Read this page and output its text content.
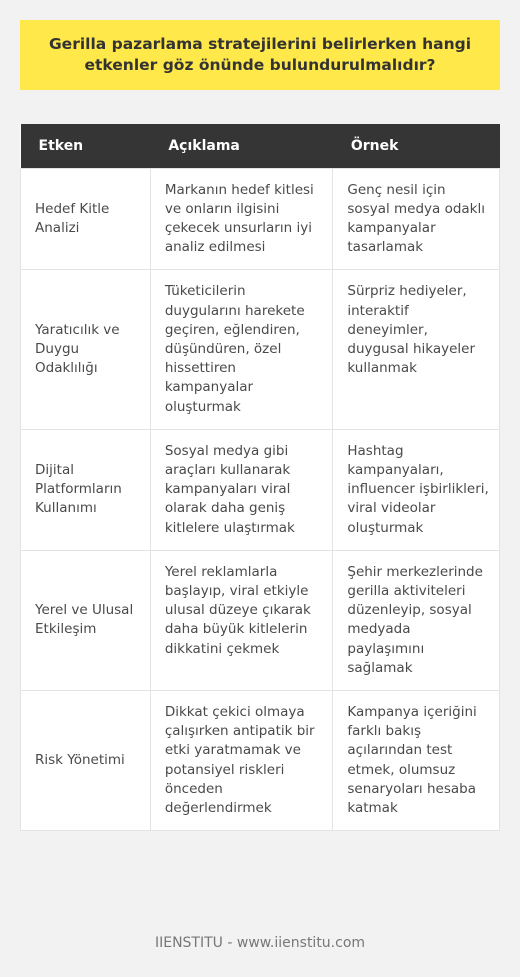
Gerilla pazarlama stratejilerini belirlerken hangi etkenler göz önünde bulundurulmalıdır?
Etken	Açıklama	Örnek
Hedef Kitle Analizi	Markanın hedef kitlesi ve onların ilgisini çekecek unsurların iyi analiz edilmesi	Genç nesil için sosyal medya odaklı kampanyalar tasarlamak
Yaratıcılık ve Duygu Odaklılığı	Tüketicilerin duygularını harekete geçiren, eğlendiren, düşündüren, özel hissettiren kampanyalar oluşturmak	Sürpriz hediyeler, interaktif deneyimler, duygusal hikayeler kullanmak
Dijital Platformların Kullanımı	Sosyal medya gibi araçları kullanarak kampanyaları viral olarak daha geniş kitlelere ulaştırmak	Hashtag kampanyaları, influencer işbirlikleri, viral videolar oluşturmak
Yerel ve Ulusal Etkileşim	Yerel reklamlarla başlayıp, viral etkiyle ulusal düzeye çıkarak daha büyük kitlelerin dikkatini çekmek	Şehir merkezlerinde gerilla aktiviteleri düzenleyip, sosyal medyada paylaşımını sağlamak
Risk Yönetimi	Dikkat çekici olmaya çalışırken antipatik bir etki yaratmamak ve potansiyel riskleri önceden değerlendirmek	Kampanya içeriğini farklı bakış açılarından test etmek, olumsuz senaryoları hesaba katmak
IIENSTITU - www.iienstitu.com
